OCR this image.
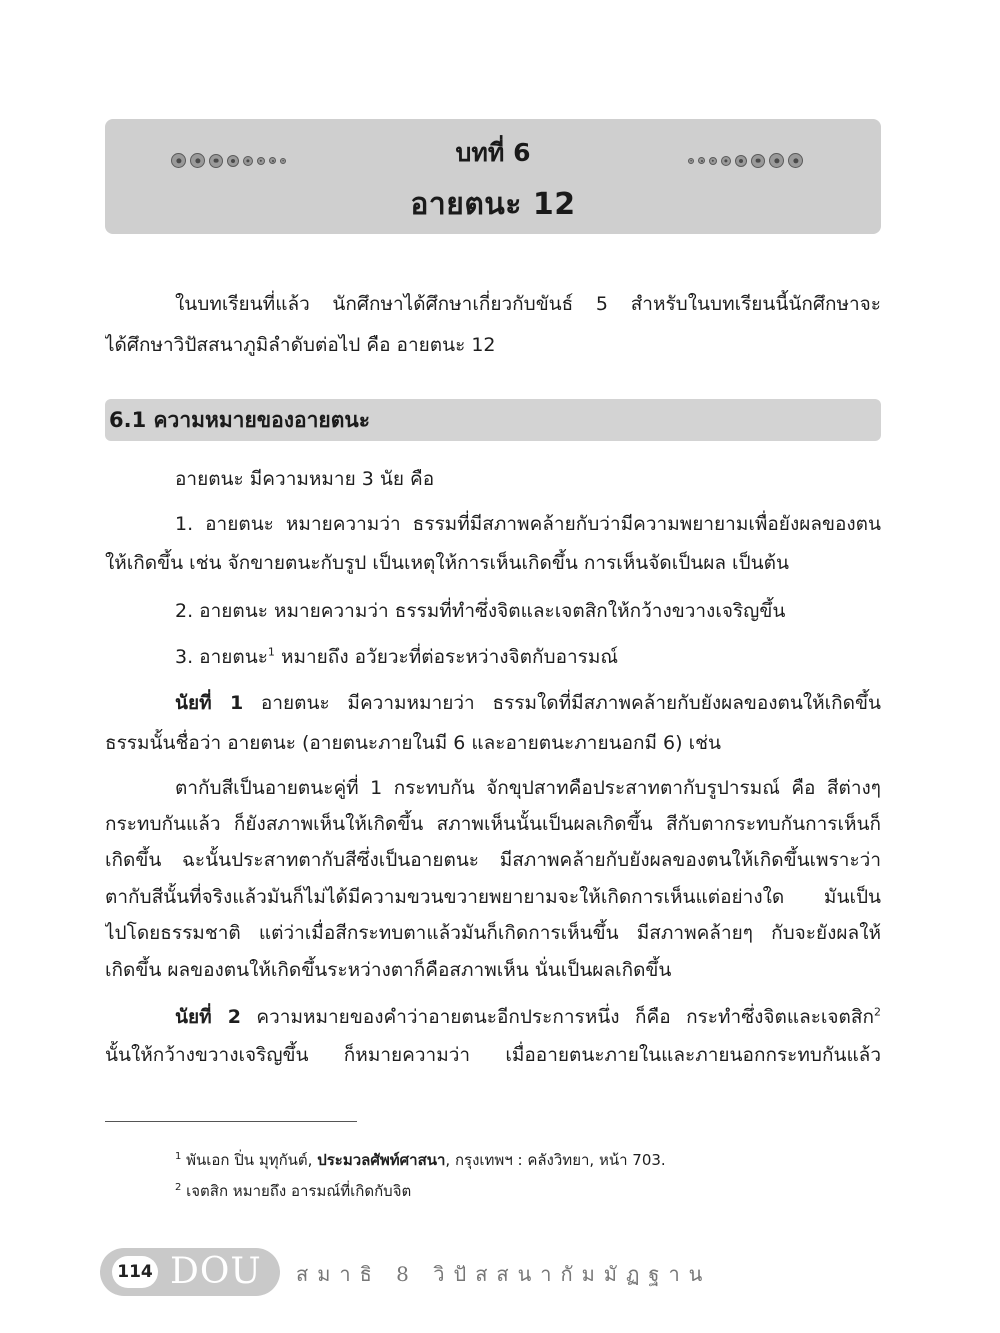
บทที่ 6
อายตนะ 12
ในบทเรียนที่แล้ว นักศึกษาได้ศึกษาเกี่ยวกับขันธ์ 5 สำหรับในบทเรียนนี้นักศึกษาจะ
ได้ศึกษาวิปัสสนาภูมิลำดับต่อไป คือ อายตนะ 12
6.1 ความหมายของอายตนะ
อายตนะ มีความหมาย 3 นัย คือ
1. อายตนะ หมายความว่า ธรรมที่มีสภาพคล้ายกับว่ามีความพยายามเพื่อยังผลของตน
ให้เกิดขึ้น เช่น จักขายตนะกับรูป เป็นเหตุให้การเห็นเกิดขึ้น การเห็นจัดเป็นผล เป็นต้น
2. อายตนะ หมายความว่า ธรรมที่ทำซึ่งจิตและเจตสิกให้กว้างขวางเจริญขึ้น
3. อายตนะ$^1$ หมายถึง อวัยวะที่ต่อระหว่างจิตกับอารมณ์
นัยที่ 1 อายตนะ มีความหมายว่า ธรรมใดที่มีสภาพคล้ายกับยังผลของตนให้เกิดขึ้น
ธรรมนั้นชื่อว่า อายตนะ (อายตนะภายในมี 6 และอายตนะภายนอกมี 6) เช่น
ตากับสีเป็นอายตนะคู่ที่ 1 กระทบกัน จักขุปสาทคือประสาทตากับรูปารมณ์ คือ สีต่างๆ
กระทบกันแล้ว ก็ยังสภาพเห็นให้เกิดขึ้น สภาพเห็นนั้นเป็นผลเกิดขึ้น สีกับตากระทบกันการเห็นก็
เกิดขึ้น ฉะนั้นประสาทตากับสีซึ่งเป็นอายตนะ มีสภาพคล้ายกับยังผลของตนให้เกิดขึ้นเพราะว่า
ตากับสีนั้นที่จริงแล้วมันก็ไม่ได้มีความขวนขวายพยายามจะให้เกิดการเห็นแต่อย่างใด มันเป็น
ไปโดยธรรมชาติ แต่ว่าเมื่อสีกระทบตาแล้วมันก็เกิดการเห็นขึ้น มีสภาพคล้ายๆ กับจะยังผลให้
เกิดขึ้น ผลของตนให้เกิดขึ้นระหว่างตาก็คือสภาพเห็น นั่นเป็นผลเกิดขึ้น
นัยที่ 2 ความหมายของคำว่าอายตนะอีกประการหนึ่ง ก็คือ กระทำซึ่งจิตและเจตสิก$^2$
นั้นให้กว้างขวางเจริญขึ้น ก็หมายความว่า เมื่ออายตนะภายในและภายนอกกระทบกันแล้ว
$^1$ พันเอก ปิ่น มุทุกันต์, ประมวลศัพท์ศาสนา, กรุงเทพฯ : คลังวิทยา, หน้า 703.
$^2$ เจตสิก หมายถึง อารมณ์ที่เกิดกับจิต
114 DOU สมาธิ 8 วิปัสสนากัมมัฏฐาน
